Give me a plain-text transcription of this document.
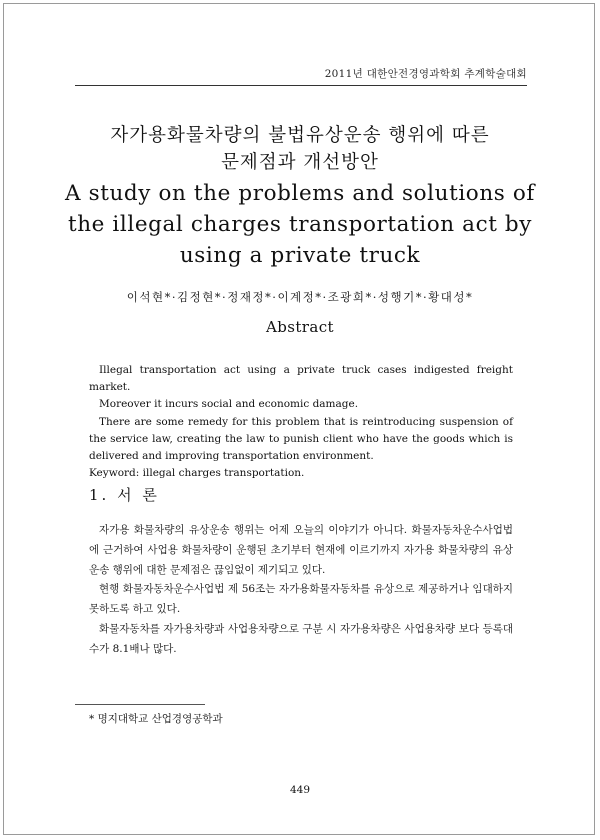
2011년 대한안전경영과학회 추계학술대회
자가용화물차량의 불법유상운송 행위에 따른
문제점과 개선방안
A study on the problems and solutions of
the illegal charges transportation act by
using a private truck
이석현*·김정현*·정재정*·이계정*·조광희*·성행기*·황대성*
Abstract

Illegal transportation act using a private truck cases indigested freight market.

Moreover it incurs social and economic damage.

There are some remedy for this problem that is reintroducing suspension of the service law, creating the law to punish client who have the goods which is delivered and improving transportation environment.

Keyword: illegal charges transportation.

1. 서 론

자가용 화물차량의 유상운송 행위는 어제 오늘의 이야기가 아니다. 화물자동차운수사업법에 근거하여 사업용 화물차량이 운행된 초기부터 현재에 이르기까지 자가용 화물차량의 유상운송 행위에 대한 문제점은 끊임없이 제기되고 있다.

현행 화물자동차운수사업법 제 56조는 자가용화물자동차를 유상으로 제공하거나 임대하지 못하도록 하고 있다.

화물자동차를 자가용차량과 사업용차량으로 구분 시 자가용차량은 사업용차량 보다 등록대수가 8.1배나 많다.

* 명지대학교 산업경영공학과
449
